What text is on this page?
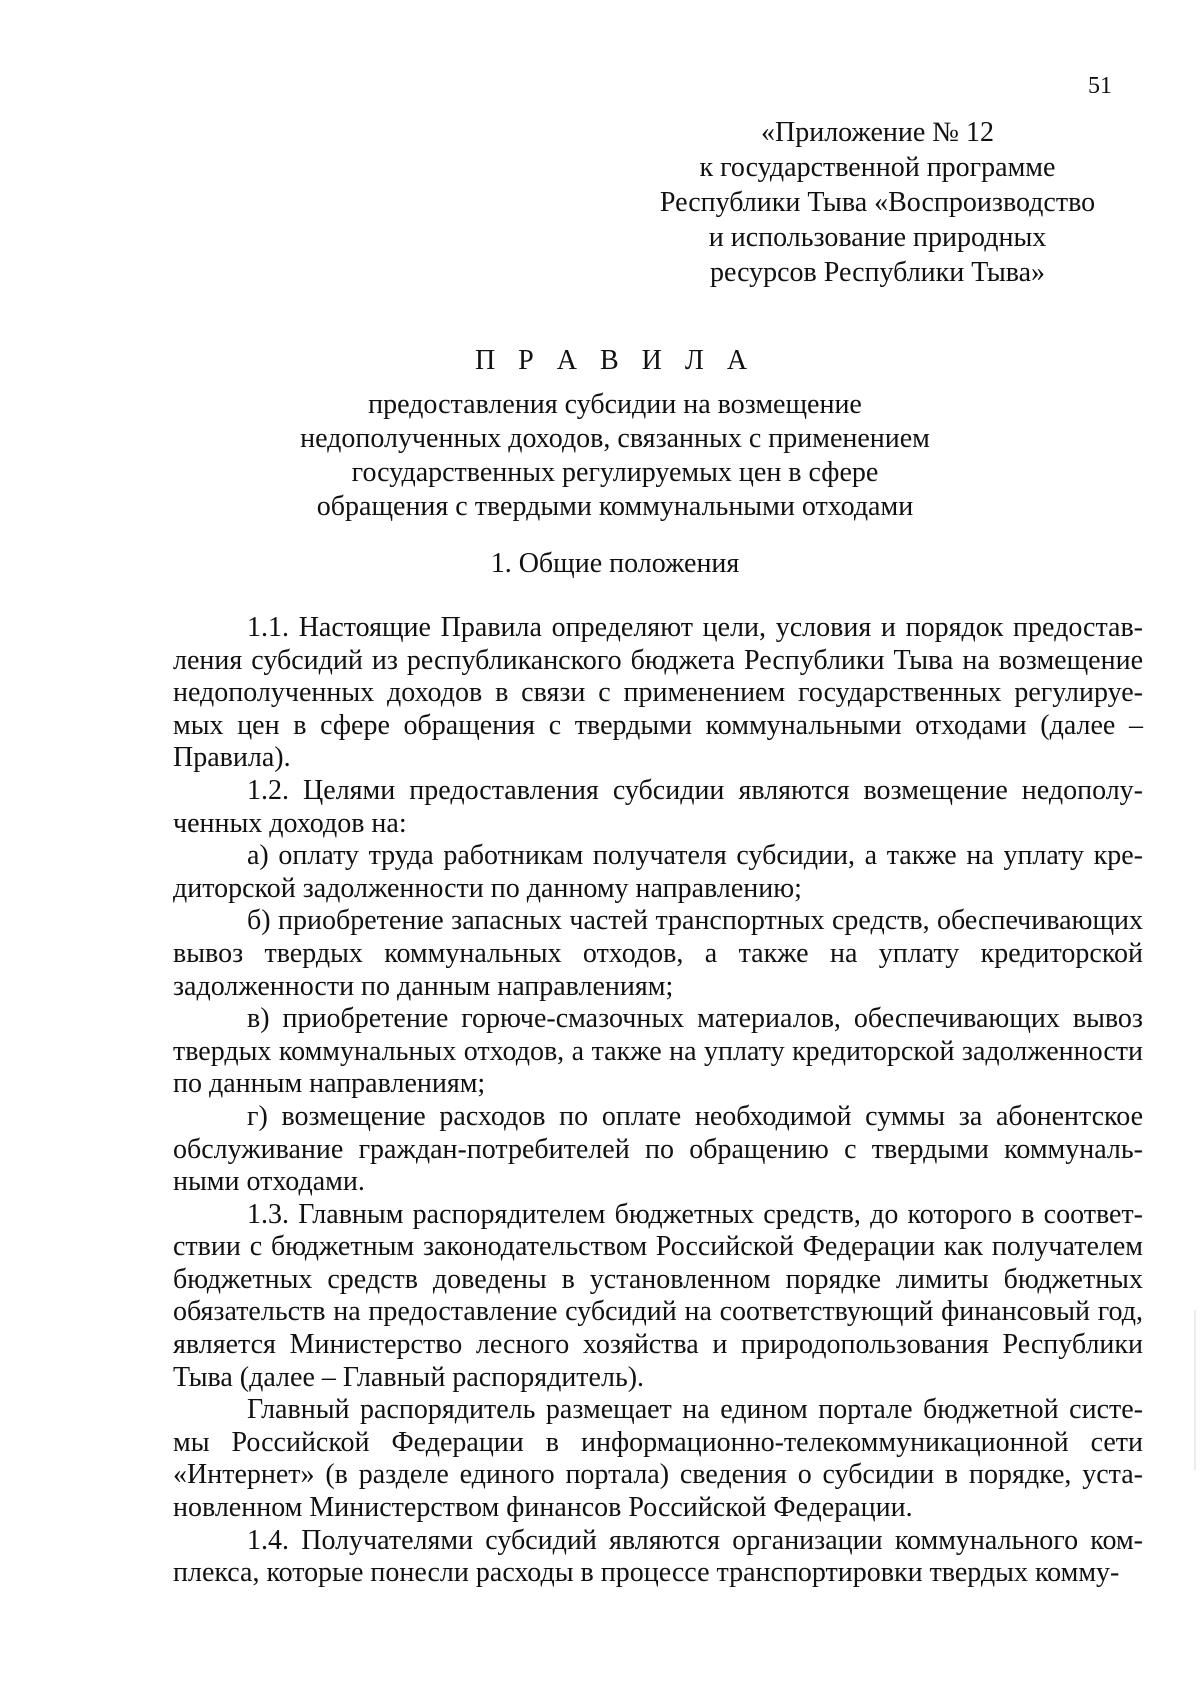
51
«Приложение № 12
к государственной программе
Республики Тыва «Воспроизводство
и использование природных
ресурсов Республики Тыва»
П Р А В И Л А
предоставления субсидии на возмещение
недополученных доходов, связанных с применением
государственных регулируемых цен в сфере
обращения с твердыми коммунальными отходами
1. Общие положения

1.1. Настоящие Правила определяют цели, условия и порядок предоставления субсидий из республиканского бюджета Республики Тыва на возмещение недополученных доходов в связи с применением государственных регулируемых цен в сфере обращения с твердыми коммунальными отходами (далее – Правила).

1.2. Целями предоставления субсидии являются возмещение недополученных доходов на:

а) оплату труда работникам получателя субсидии, а также на уплату кредиторской задолженности по данному направлению;

б) приобретение запасных частей транспортных средств, обеспечивающих вывоз твердых коммунальных отходов, а также на уплату кредиторской задолженности по данным направлениям;

в) приобретение горюче-смазочных материалов, обеспечивающих вывоз твердых коммунальных отходов, а также на уплату кредиторской задолженности по данным направлениям;

г) возмещение расходов по оплате необходимой суммы за абонентское обслуживание граждан-потребителей по обращению с твердыми коммунальными отходами.

1.3. Главным распорядителем бюджетных средств, до которого в соответствии с бюджетным законодательством Российской Федерации как получателем бюджетных средств доведены в установленном порядке лимиты бюджетных обязательств на предоставление субсидий на соответствующий финансовый год, является Министерство лесного хозяйства и природопользования Республики Тыва (далее – Главный распорядитель).

Главный распорядитель размещает на едином портале бюджетной системы Российской Федерации в информационно-телекоммуникационной сети «Интернет» (в разделе единого портала) сведения о субсидии в порядке, установленном Министерством финансов Российской Федерации.

1.4. Получателями субсидий являются организации коммунального комплекса, которые понесли расходы в процессе транспортировки твердых комму-
